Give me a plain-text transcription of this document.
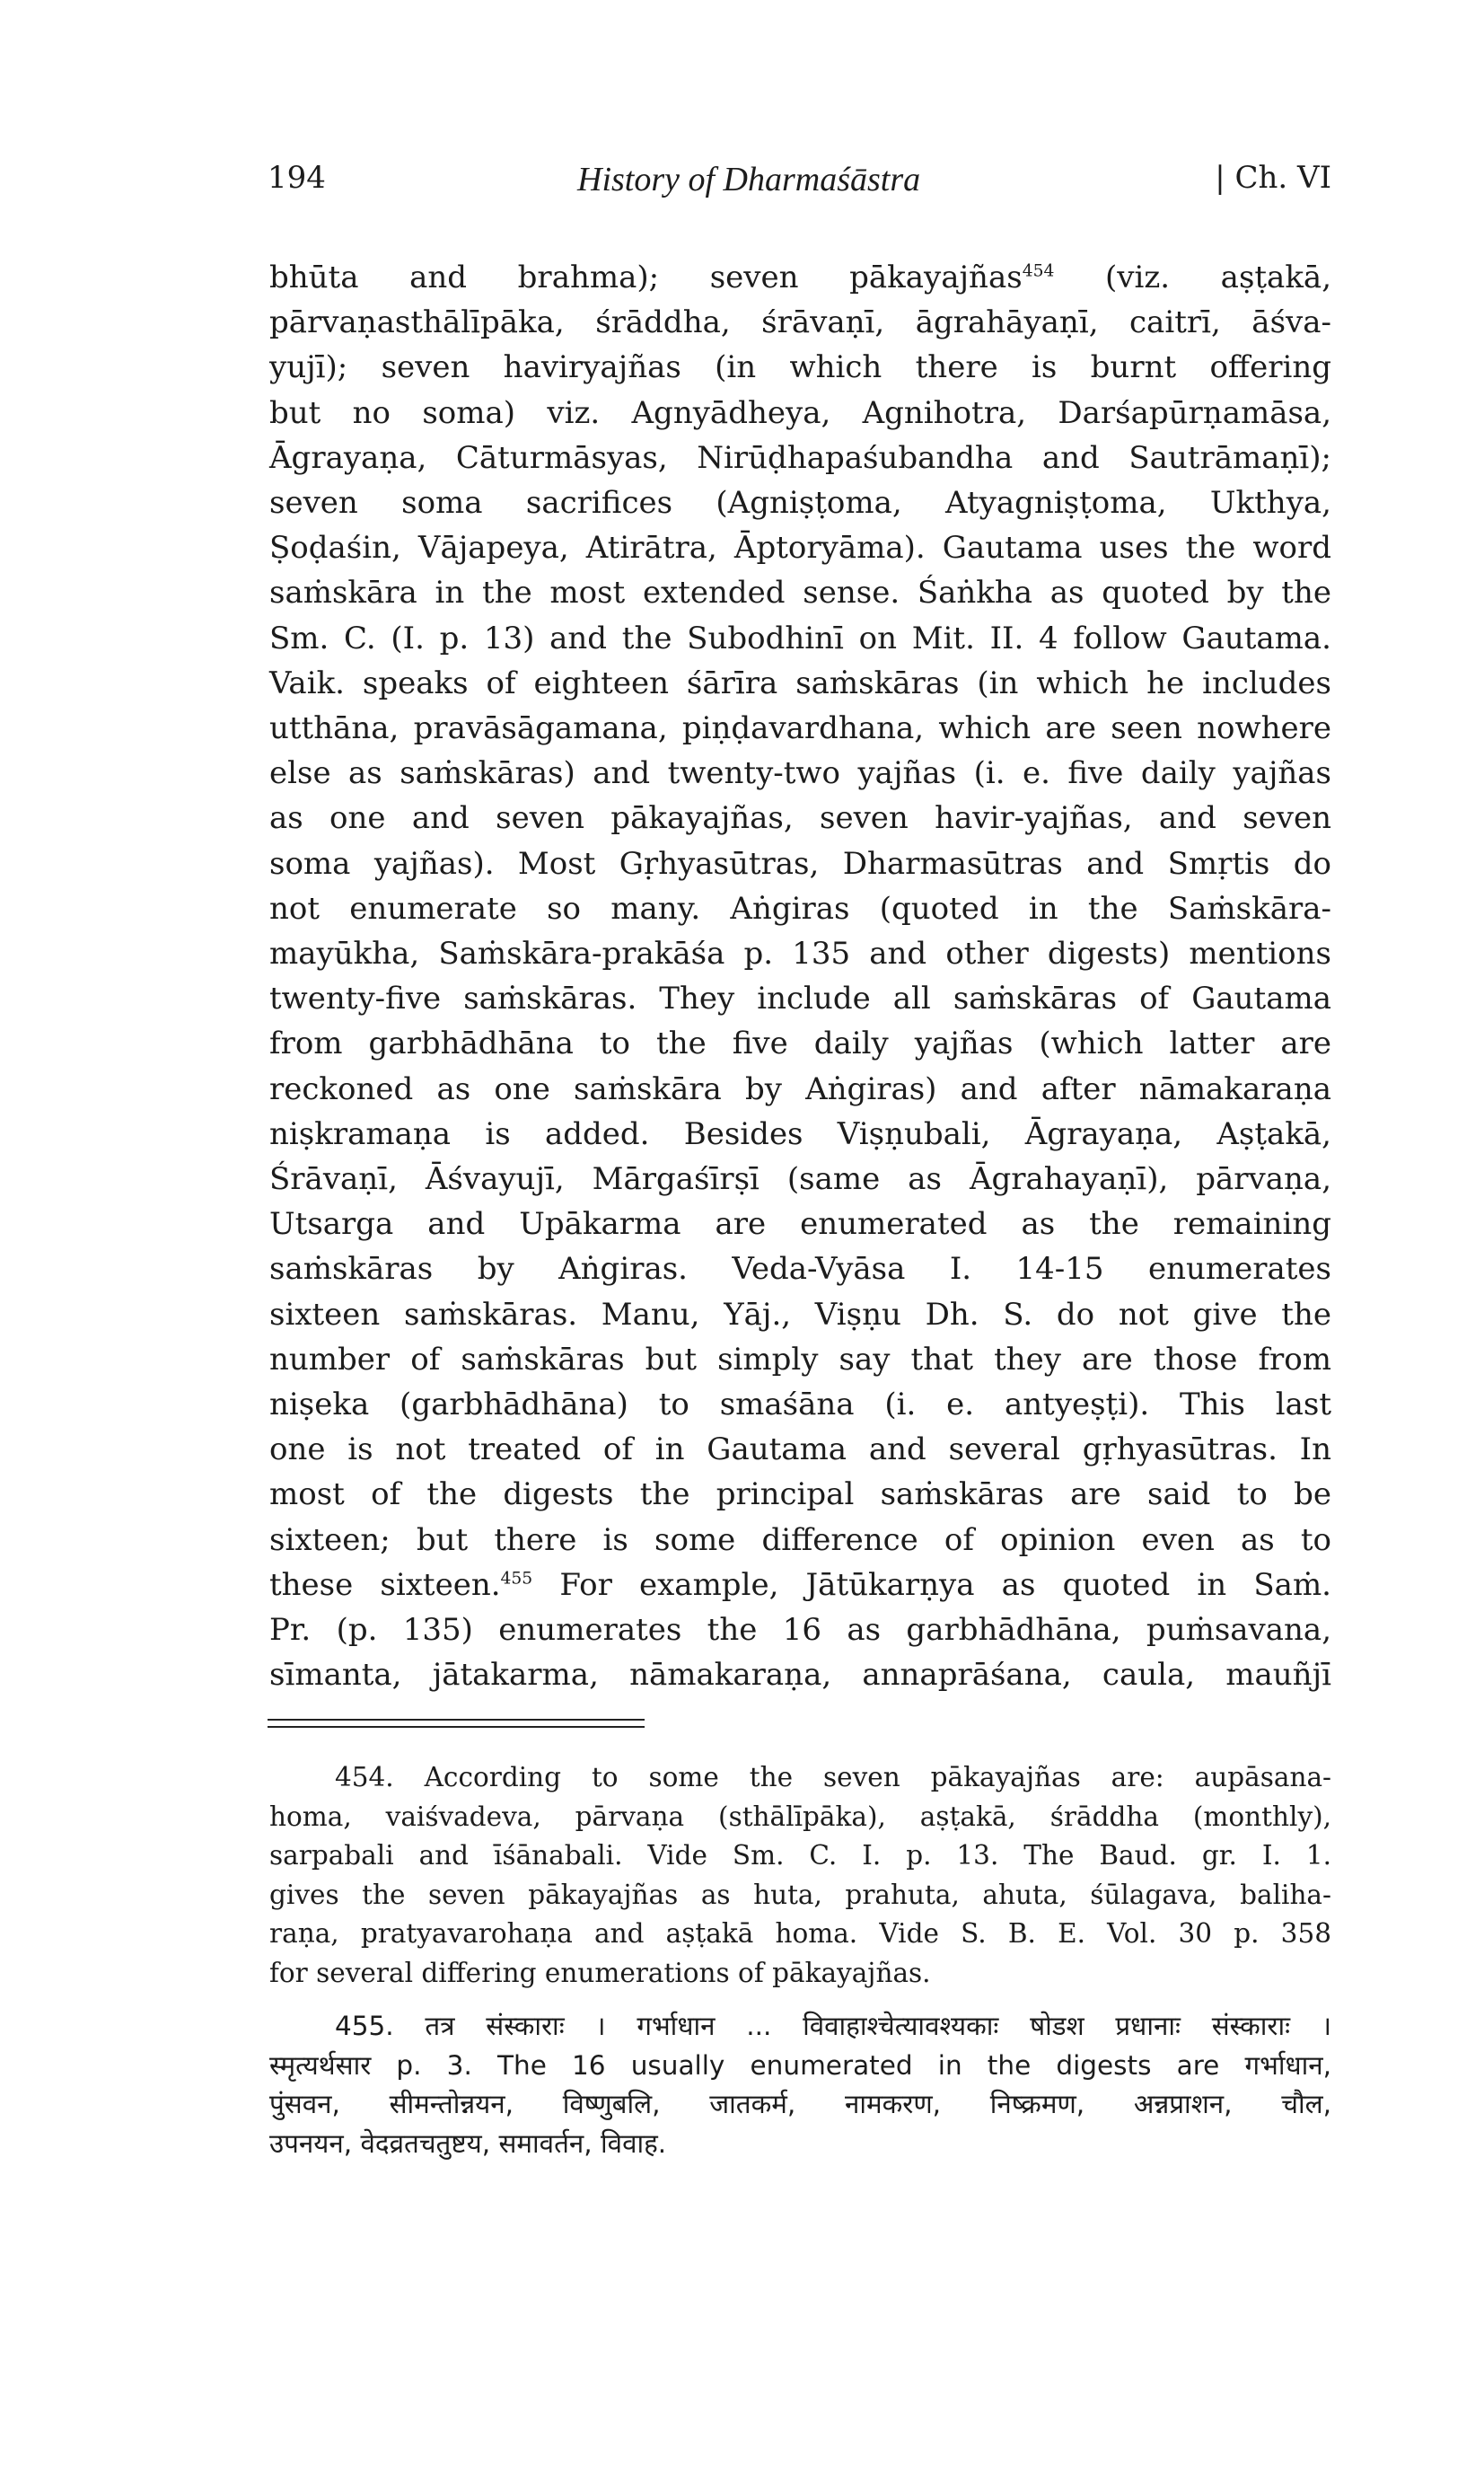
194	History of Dharmaśāstra	| Ch. VI

bhūta and brahma); seven pākayajñas$^{454}$ (viz. aṣṭakā,

pārvaṇasthālīpāka, śrāddha, śrāvaṇī, āgrahāyaṇī, caitrī, āśva-

yujī); seven haviryajñas (in which there is burnt offering

but no soma) viz. Agnyādheya, Agnihotra, Darśapūrṇamāsa,

Āgrayaṇa, Cāturmāsyas, Nirūḍhapaśubandha and Sautrāmaṇī);

seven soma sacrifices (Agniṣṭoma, Atyagniṣṭoma, Ukthya,

Ṣoḍaśin, Vājapeya, Atirātra, Āptoryāma). Gautama uses the word

saṁskāra in the most extended sense. Śaṅkha as quoted by the

Sm. C. (I. p. 13) and the Subodhinī on Mit. II. 4 follow Gautama.

Vaik. speaks of eighteen śārīra saṁskāras (in which he includes

utthāna, pravāsāgamana, piṇḍavardhana, which are seen nowhere

else as saṁskāras) and twenty-two yajñas (i. e. five daily yajñas

as one and seven pākayajñas, seven havir-yajñas, and seven

soma yajñas). Most Gṛhyasūtras, Dharmasūtras and Smṛtis do

not enumerate so many. Aṅgiras (quoted in the Saṁskāra-

mayūkha, Saṁskāra-prakāśa p. 135 and other digests) mentions

twenty-five saṁskāras. They include all saṁskāras of Gautama

from garbhādhāna to the five daily yajñas (which latter are

reckoned as one saṁskāra by Aṅgiras) and after nāmakaraṇa

niṣkramaṇa is added. Besides Viṣṇubali, Āgrayaṇa, Aṣṭakā,

Śrāvaṇī, Āśvayujī, Mārgaśīrṣī (same as Āgrahayaṇī), pārvaṇa,

Utsarga and Upākarma are enumerated as the remaining

saṁskāras by Aṅgiras. Veda-Vyāsa I. 14-15 enumerates

sixteen saṁskāras. Manu, Yāj., Viṣṇu Dh. S. do not give the

number of saṁskāras but simply say that they are those from

niṣeka (garbhādhāna) to smaśāna (i. e. antyeṣṭi). This last

one is not treated of in Gautama and several gṛhyasūtras. In

most of the digests the principal saṁskāras are said to be

sixteen; but there is some difference of opinion even as to

these sixteen.$^{455}$ For example, Jātūkarṇya as quoted in Saṁ.

Pr. (p. 135) enumerates the 16 as garbhādhāna, puṁsavana,

sīmanta, jātakarma, nāmakaraṇa, annaprāśana, caula, mauñjī

454. According to some the seven pākayajñas are: aupāsana-

homa, vaiśvadeva, pārvaṇa (sthālīpāka), aṣṭakā, śrāddha (monthly),

sarpabali and īśānabali. Vide Sm. C. I. p. 13. The Baud. gr. I. 1.

gives the seven pākayajñas as huta, prahuta, ahuta, śūlagava, baliha-

raṇa, pratyavarohaṇa and aṣṭakā homa. Vide S. B. E. Vol. 30 p. 358

for several differing enumerations of pākayajñas.

455. तत्र संस्काराः । गर्भाधान ... विवाहाश्चेत्यावश्यकाः षोडश प्रधानाः संस्काराः ।

स्मृत्यर्थसार p. 3. The 16 usually enumerated in the digests are गर्भाधान,

पुंसवन, सीमन्तोन्नयन, विष्णुबलि, जातकर्म, नामकरण, निष्क्रमण, अन्नप्राशन, चौल,

उपनयन, वेदव्रतचतुष्टय, समावर्तन, विवाह.
